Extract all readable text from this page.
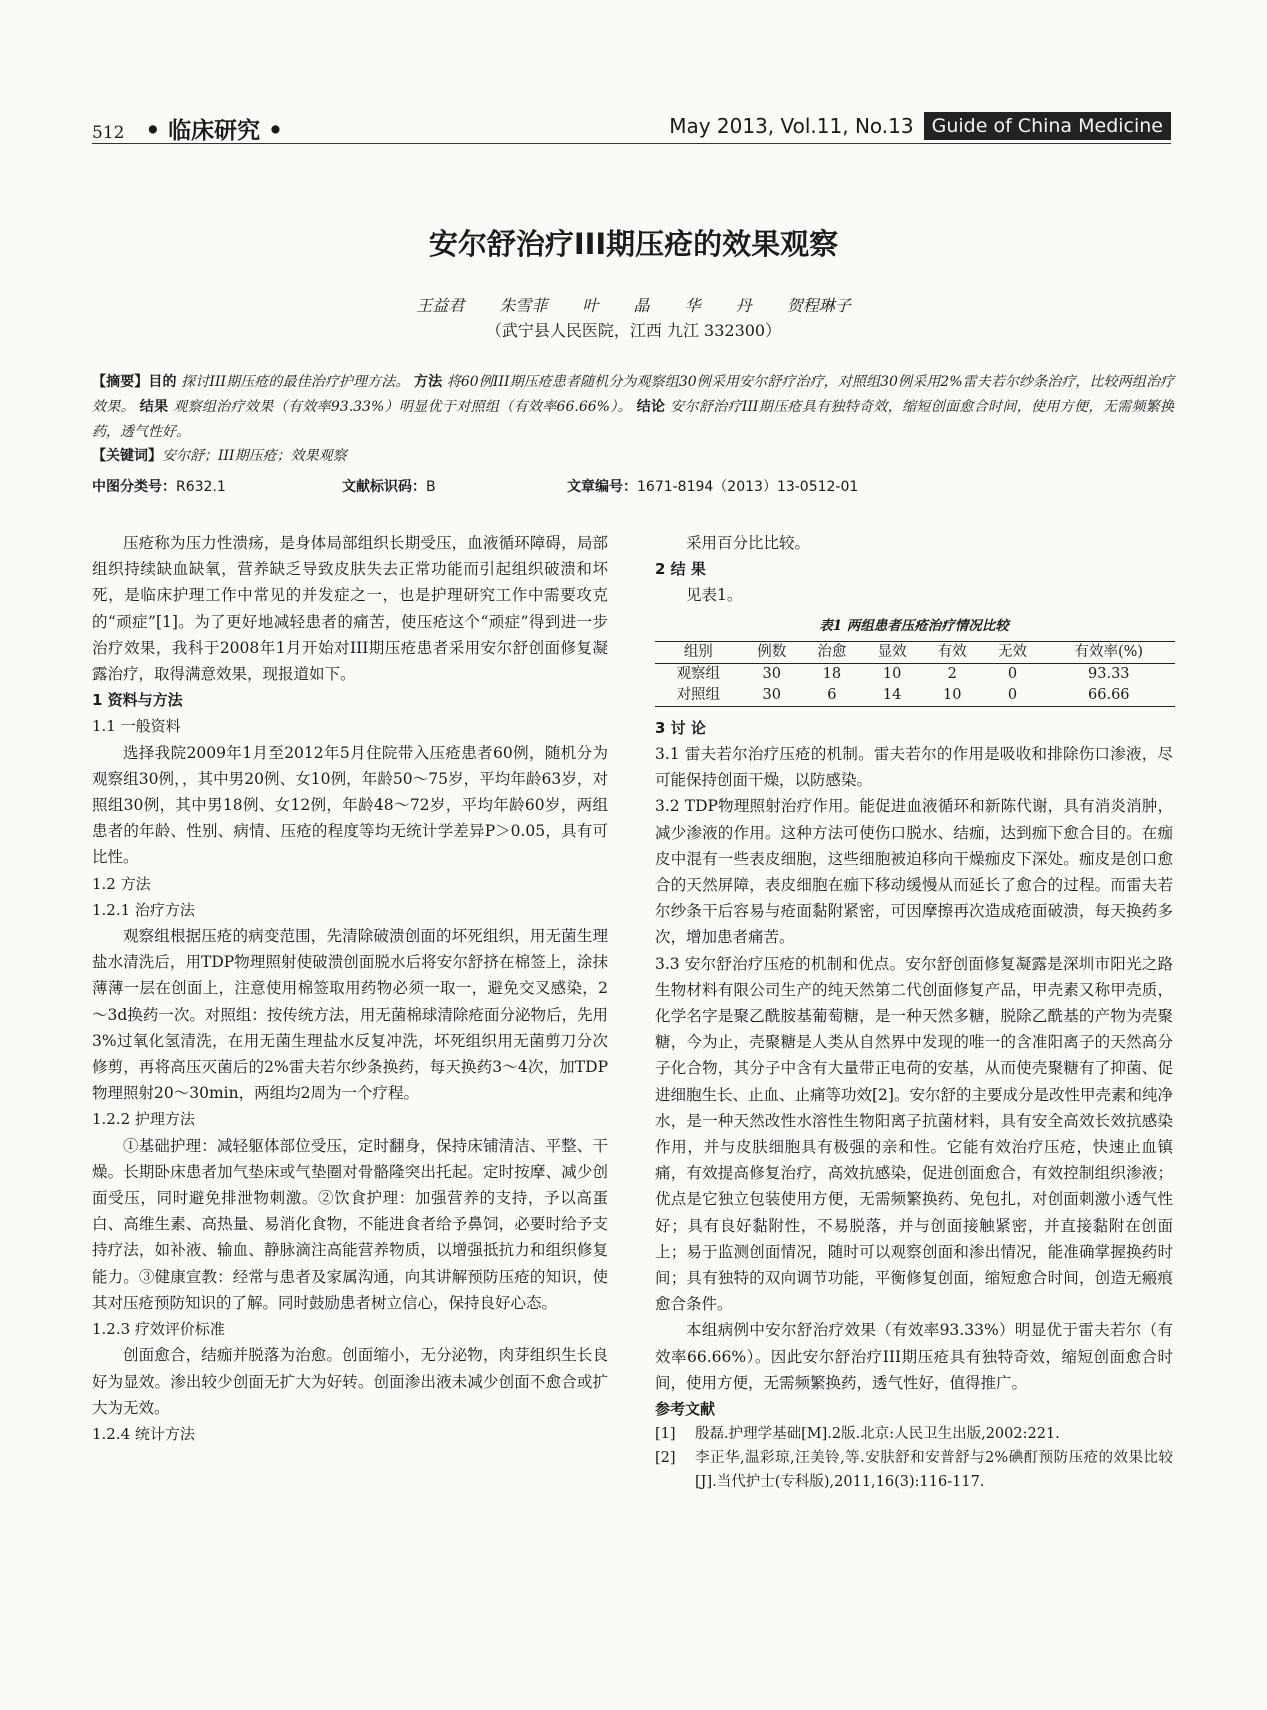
512 • 临床研究 •	May 2013, Vol.11, No.13 Guide of China Medicine
安尔舒治疗III期压疮的效果观察
王益君 朱雪菲 叶 晶 华 丹 贺程琳子
（武宁县人民医院，江西 九江 332300）
【摘要】目的 探讨III期压疮的最佳治疗护理方法。 方法 将60例III期压疮患者随机分为观察组30例采用安尔舒疗治疗，对照组30例采用2%雷夫若尔纱条治疗，比较两组治疗效果。 结果 观察组治疗效果（有效率93.33%）明显优于对照组（有效率66.66%）。 结论 安尔舒治疗III期压疮具有独特奇效，缩短创面愈合时间，使用方便，无需频繁换药，透气性好。
【关键词】安尔舒；III期压疮；效果观察
中图分类号：R632.1	文献标识码：B	文章编号：1671-8194（2013）13-0512-01

压疮称为压力性溃疡，是身体局部组织长期受压，血液循环障碍，局部组织持续缺血缺氧，营养缺乏导致皮肤失去正常功能而引起组织破溃和坏死，是临床护理工作中常见的并发症之一，也是护理研究工作中需要攻克的“顽症”[1]。为了更好地减轻患者的痛苦，使压疮这个“顽症”得到进一步治疗效果，我科于2008年1月开始对III期压疮患者采用安尔舒创面修复凝露治疗，取得满意效果，现报道如下。

1 资料与方法

1.1 一般资料

选择我院2009年1月至2012年5月住院带入压疮患者60例，随机分为观察组30例，，其中男20例、女10例，年龄50～75岁，平均年龄63岁，对照组30例，其中男18例、女12例，年龄48～72岁，平均年龄60岁，两组患者的年龄、性别、病情、压疮的程度等均无统计学差异P＞0.05，具有可比性。

1.2 方法

1.2.1 治疗方法

观察组根据压疮的病变范围，先清除破溃创面的坏死组织，用无菌生理盐水清洗后，用TDP物理照射使破溃创面脱水后将安尔舒挤在棉签上，涂抹薄薄一层在创面上，注意使用棉签取用药物必须一取一，避免交叉感染，2～3d换药一次。对照组：按传统方法，用无菌棉球清除疮面分泌物后，先用3%过氧化氢清洗，在用无菌生理盐水反复冲洗，坏死组织用无菌剪刀分次修剪，再将高压灭菌后的2%雷夫若尔纱条换药，每天换药3～4次，加TDP物理照射20～30min，两组均2周为一个疗程。

1.2.2 护理方法

①基础护理：减轻躯体部位受压，定时翻身，保持床铺清洁、平整、干燥。长期卧床患者加气垫床或气垫圈对骨骼隆突出托起。定时按摩、减少创面受压，同时避免排泄物刺激。②饮食护理：加强营养的支持，予以高蛋白、高维生素、高热量、易消化食物，不能进食者给予鼻饲，必要时给予支持疗法，如补液、输血、静脉滴注高能营养物质，以增强抵抗力和组织修复能力。③健康宣教：经常与患者及家属沟通，向其讲解预防压疮的知识，使其对压疮预防知识的了解。同时鼓励患者树立信心，保持良好心态。

1.2.3 疗效评价标准

创面愈合，结痂并脱落为治愈。创面缩小，无分泌物，肉芽组织生长良好为显效。渗出较少创面无扩大为好转。创面渗出液未减少创面不愈合或扩大为无效。

1.2.4 统计方法

采用百分比比较。

2 结 果

见表1。

表1 两组患者压疮治疗情况比较
组别	例数	治愈	显效	有效	无效	有效率(%)
观察组	30	18	10	2	0	93.33
对照组	30	6	14	10	0	66.66

3 讨 论

3.1 雷夫若尔治疗压疮的机制。雷夫若尔的作用是吸收和排除伤口渗液，尽可能保持创面干燥，以防感染。

3.2 TDP物理照射治疗作用。能促进血液循环和新陈代谢，具有消炎消肿，减少渗液的作用。这种方法可使伤口脱水、结痂，达到痂下愈合目的。在痂皮中混有一些表皮细胞，这些细胞被迫移向干燥痂皮下深处。痂皮是创口愈合的天然屏障，表皮细胞在痂下移动缓慢从而延长了愈合的过程。而雷夫若尔纱条干后容易与疮面黏附紧密，可因摩擦再次造成疮面破溃，每天换药多次，增加患者痛苦。

3.3 安尔舒治疗压疮的机制和优点。安尔舒创面修复凝露是深圳市阳光之路生物材料有限公司生产的纯天然第二代创面修复产品，甲壳素又称甲壳质，化学名字是聚乙酰胺基葡萄糖，是一种天然多糖，脱除乙酰基的产物为壳聚糖，今为止，壳聚糖是人类从自然界中发现的唯一的含准阳离子的天然高分子化合物，其分子中含有大量带正电荷的安基，从而使壳聚糖有了抑菌、促进细胞生长、止血、止痛等功效[2]。安尔舒的主要成分是改性甲壳素和纯净水，是一种天然改性水溶性生物阳离子抗菌材料，具有安全高效长效抗感染作用，并与皮肤细胞具有极强的亲和性。它能有效治疗压疮，快速止血镇痛，有效提高修复治疗，高效抗感染，促进创面愈合，有效控制组织渗液；优点是它独立包装使用方便，无需频繁换药、免包扎，对创面刺激小透气性好；具有良好黏附性，不易脱落，并与创面接触紧密，并直接黏附在创面上；易于监测创面情况，随时可以观察创面和渗出情况，能准确掌握换药时间；具有独特的双向调节功能，平衡修复创面，缩短愈合时间，创造无瘢痕愈合条件。

本组病例中安尔舒治疗效果（有效率93.33%）明显优于雷夫若尔（有效率66.66%）。因此安尔舒治疗III期压疮具有独特奇效，缩短创面愈合时间，使用方便，无需频繁换药，透气性好，值得推广。

参考文献

[1]	殷磊.护理学基础[M].2版.北京:人民卫生出版,2002:221.
[2]	李正华,温彩琼,汪美铃,等.安肤舒和安普舒与2%碘酊预防压疮的效果比较[J].当代护士(专科版),2011,16(3):116-117.
